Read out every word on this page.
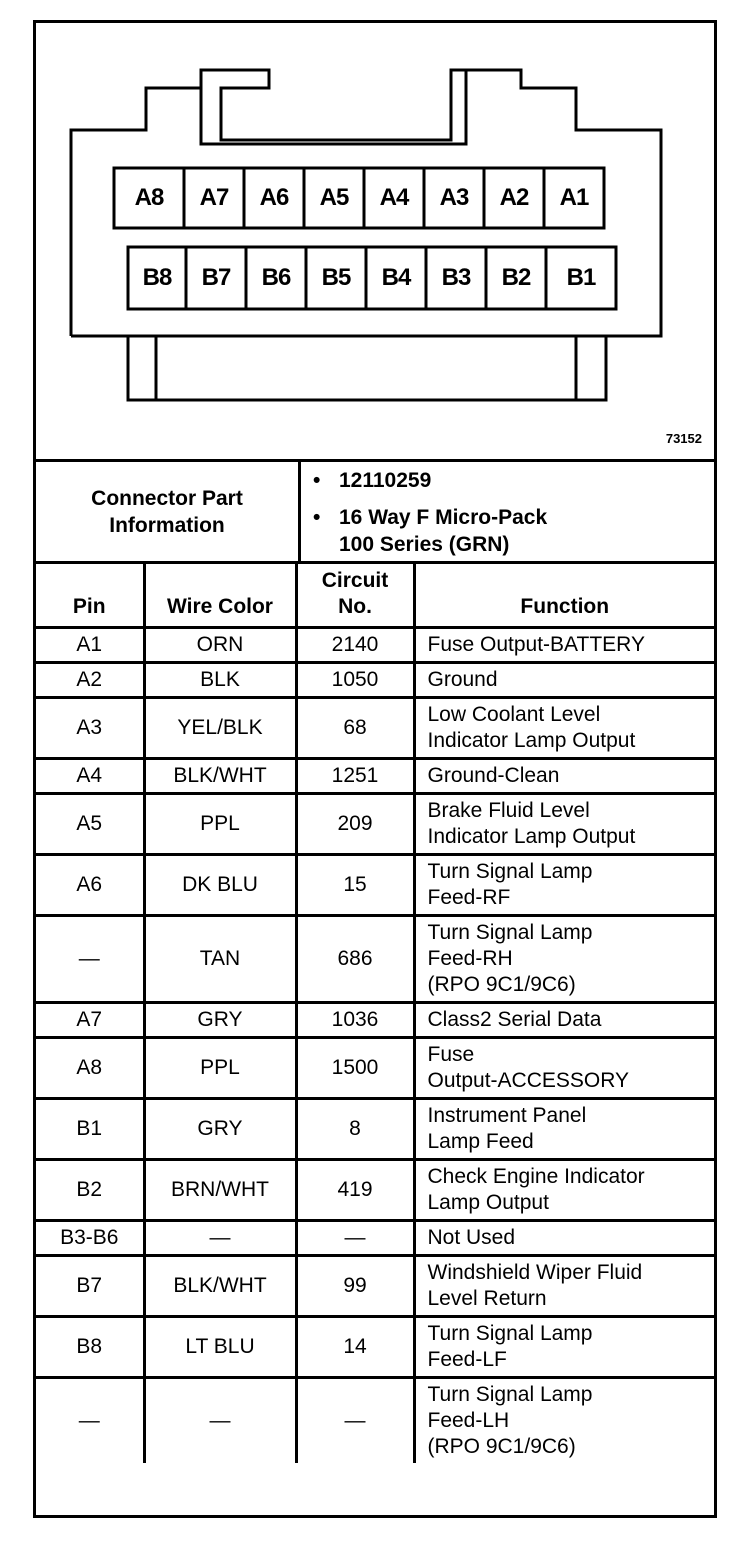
A8	A7	A6	A5	A4	A3	A2	A1
B8	B7	B6	B5	B4	B3	B2	B1
73152
Connector Part Information	
• 12110259
• 16 Way F Micro-Pack
100 Series (GRN)
Pin	Wire Color	Circuit
No.	Function
A1	ORN	2140	Fuse Output-BATTERY

A2	BLK	1050	Ground

A3	YEL/BLK	68	Low Coolant Level
Indicator Lamp Output

A4	BLK/WHT	1251	Ground-Clean

A5	PPL	209	Brake Fluid Level
Indicator Lamp Output

A6	DK BLU	15	Turn Signal Lamp
Feed-RF

—	TAN	686	Turn Signal Lamp
Feed-RH
(RPO 9C1/9C6)

A7	GRY	1036	Class2 Serial Data

A8	PPL	1500	Fuse
Output-ACCESSORY

B1	GRY	8	Instrument Panel
Lamp Feed

B2	BRN/WHT	419	Check Engine Indicator
Lamp Output

B3-B6	—	—	Not Used

B7	BLK/WHT	99	Windshield Wiper Fluid
Level Return

B8	LT BLU	14	Turn Signal Lamp
Feed-LF

—	—	—	Turn Signal Lamp
Feed-LH
(RPO 9C1/9C6)
